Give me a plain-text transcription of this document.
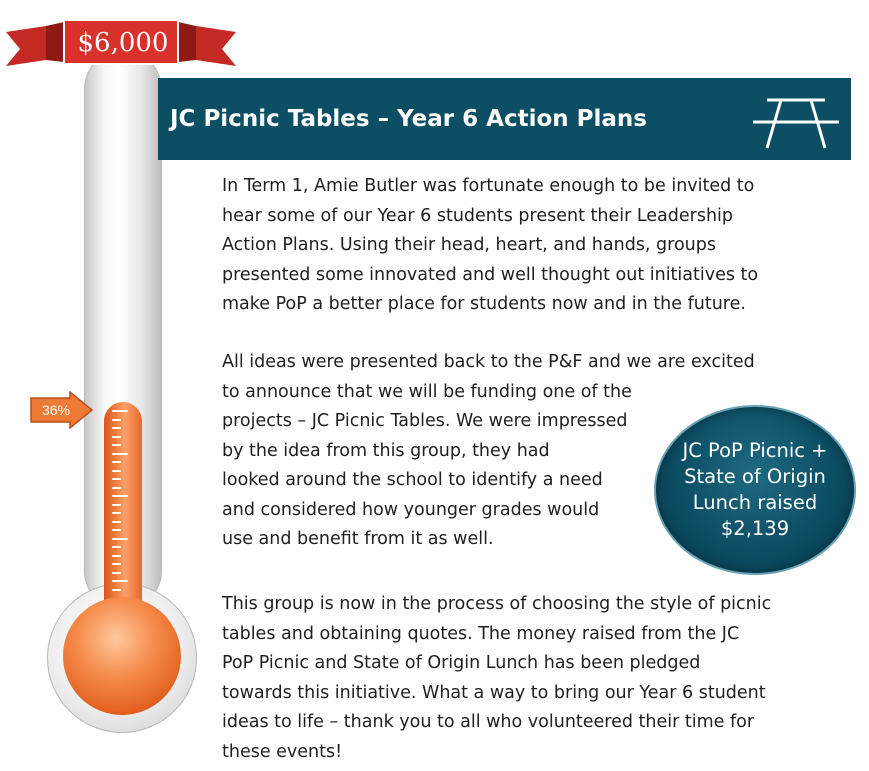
$6,000
36%
JC Picnic Tables – Year 6 Action Plans
In Term 1, Amie Butler was fortunate enough to be invited to
hear some of our Year 6 students present their Leadership
Action Plans. Using their head, heart, and hands, groups
presented some innovated and well thought out initiatives to
make PoP a better place for students now and in the future.
All ideas were presented back to the P&F and we are excited
to announce that we will be funding one of the
projects – JC Picnic Tables. We were impressed
by the idea from this group, they had
looked around the school to identify a need
and considered how younger grades would
use and benefit from it as well.
This group is now in the process of choosing the style of picnic
tables and obtaining quotes. The money raised from the JC
PoP Picnic and State of Origin Lunch has been pledged
towards this initiative. What a way to bring our Year 6 student
ideas to life – thank you to all who volunteered their time for
these events!
JC PoP Picnic +
State of Origin
Lunch raised
$2,139
